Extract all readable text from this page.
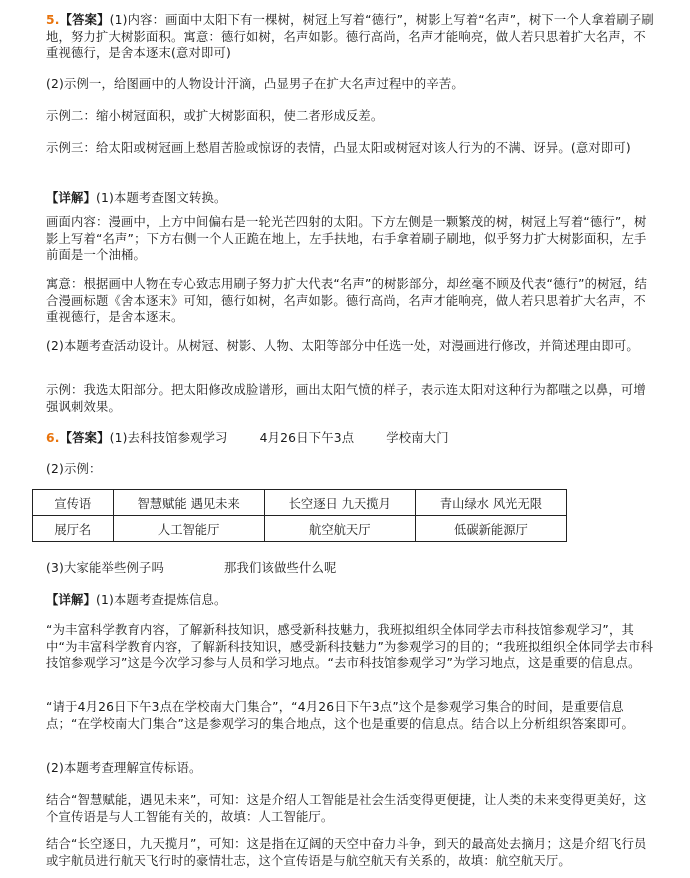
5.【答案】(1)内容：画面中太阳下有一棵树，树冠上写着“德行”，树影上写着“名声”，树下一个人拿着刷子刷地，努力扩大树影面积。寓意：德行如树，名声如影。德行高尚，名声才能响亮，做人若只思着扩大名声，不重视德行，是舍本逐末(意对即可)

(2)示例一，给图画中的人物设计汗滴，凸显男子在扩大名声过程中的辛苦。

示例二：缩小树冠面积，或扩大树影面积，使二者形成反差。

示例三：给太阳或树冠画上愁眉苦脸或惊讶的表情，凸显太阳或树冠对该人行为的不满、讶异。(意对即可)

【详解】(1)本题考查图文转换。

画面内容：漫画中，上方中间偏右是一轮光芒四射的太阳。下方左侧是一颗繁茂的树，树冠上写着“德行”，树影上写着“名声”；下方右侧一个人正跪在地上，左手扶地，右手拿着刷子刷地，似乎努力扩大树影面积，左手前面是一个油桶。

寓意：根据画中人物在专心致志用刷子努力扩大代表“名声”的树影部分，却丝毫不顾及代表“德行”的树冠，结合漫画标题《舍本逐末》可知，德行如树，名声如影。德行高尚，名声才能响亮，做人若只思着扩大名声，不重视德行，是舍本逐末。

(2)本题考查活动设计。从树冠、树影、人物、太阳等部分中任选一处，对漫画进行修改，并简述理由即可。

示例：我选太阳部分。把太阳修改成脸谱形，画出太阳气愤的样子，表示连太阳对这种行为都嗤之以鼻，可增强讽刺效果。

6.【答案】(1)去科技馆参观学习	4月26日下午3点	学校南大门

(2)示例：

宣传语	智慧赋能 遇见未来	长空逐日 九天揽月	青山绿水 风光无限
展厅名	人工智能厅	航空航天厅	低碳新能源厅

(3)大家能举些例子吗	那我们该做些什么呢

【详解】(1)本题考查提炼信息。

“为丰富科学教育内容，了解新科技知识，感受新科技魅力，我班拟组织全体同学去市科技馆参观学习”，其中“为丰富科学教育内容，了解新科技知识，感受新科技魅力”为参观学习的目的；“我班拟组织全体同学去市科技馆参观学习”这是今次学习参与人员和学习地点。“去市科技馆参观学习”为学习地点，这是重要的信息点。

“请于4月26日下午3点在学校南大门集合”，“4月26日下午3点”这个是参观学习集合的时间，是重要信息点；“在学校南大门集合”这是参观学习的集合地点，这个也是重要的信息点。结合以上分析组织答案即可。

(2)本题考查理解宣传标语。

结合“智慧赋能，遇见未来”，可知：这是介绍人工智能是社会生活变得更便捷，让人类的未来变得更美好，这个宣传语是与人工智能有关的，故填：人工智能厅。

结合“长空逐日，九天揽月”，可知：这是指在辽阔的天空中奋力斗争，到天的最高处去摘月；这是介绍飞行员或宇航员进行航天飞行时的豪情壮志，这个宣传语是与航空航天有关系的，故填：航空航天厅。
